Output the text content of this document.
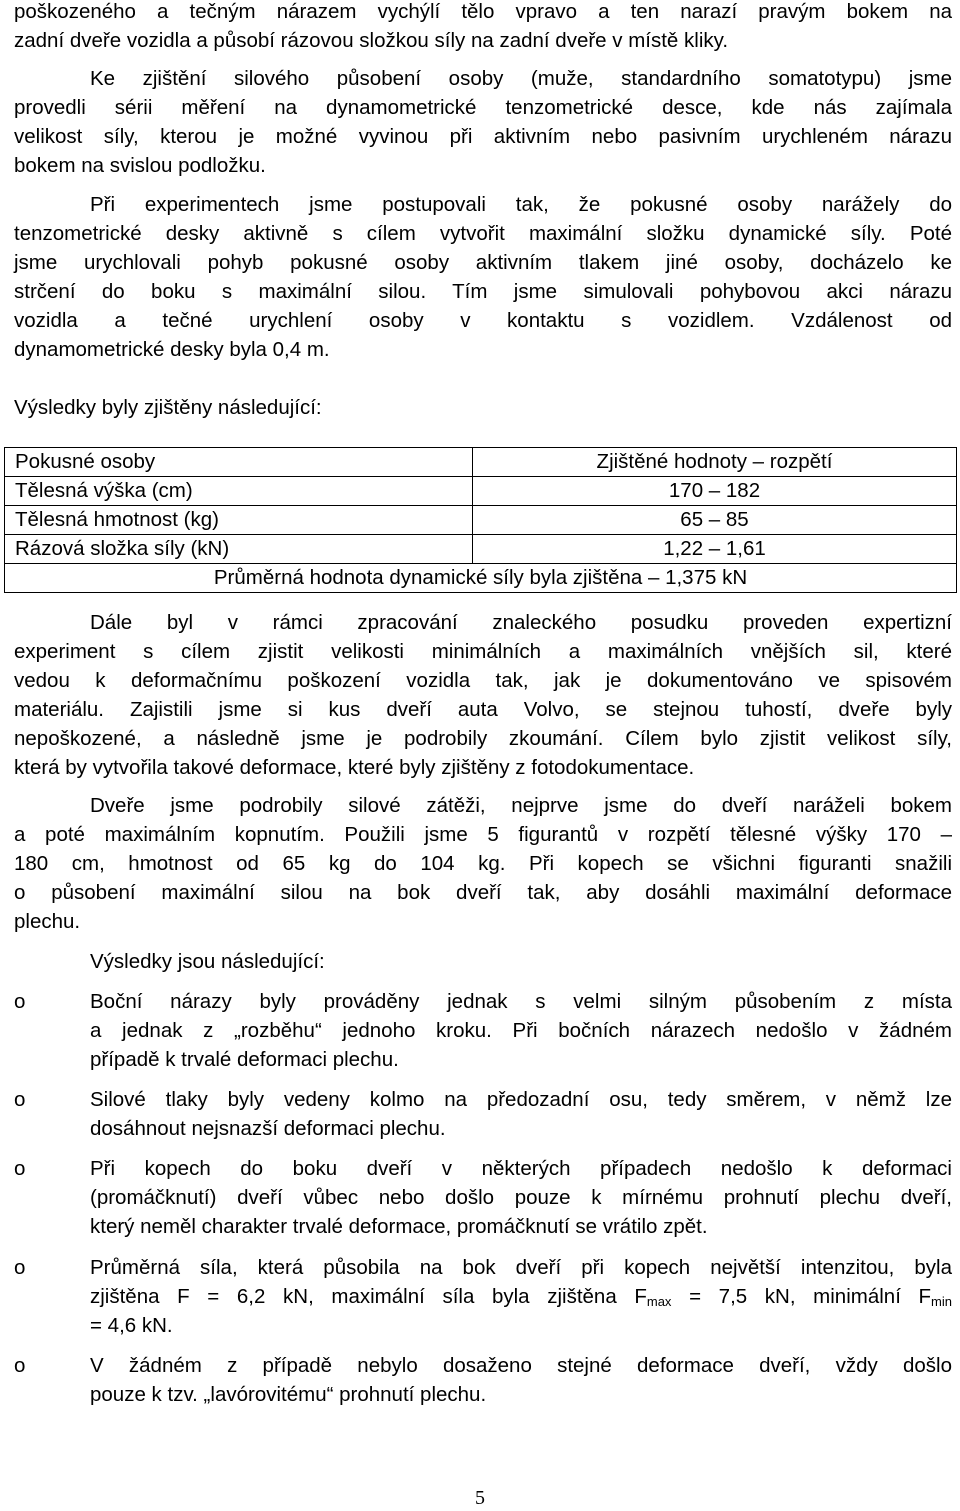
poškozeného a tečným nárazem vychýlí tělo vpravo a ten narazí pravým bokem na
zadní dveře vozidla a působí rázovou složkou síly na zadní dveře v místě kliky.
Ke zjištění silového působení osoby (muže, standardního somatotypu) jsme
provedli sérii měření na dynamometrické tenzometrické desce, kde nás zajímala
velikost síly, kterou je možné vyvinou při aktivním nebo pasivním urychleném nárazu
bokem na svislou podložku.
Při experimentech jsme postupovali tak, že pokusné osoby narážely do
tenzometrické desky aktivně s cílem vytvořit maximální složku dynamické síly. Poté
jsme urychlovali pohyb pokusné osoby aktivním tlakem jiné osoby, docházelo ke
strčení do boku s maximální silou. Tím jsme simulovali pohybovou akci nárazu
vozidla a tečné urychlení osoby v kontaktu s vozidlem. Vzdálenost od
dynamometrické desky byla 0,4 m.
Výsledky byly zjištěny následující:
Pokusné osoby	Zjištěné hodnoty – rozpětí
Tělesná výška (cm)	170 – 182
Tělesná hmotnost (kg)	65 – 85
Rázová složka síly (kN)	1,22 – 1,61
Průměrná hodnota dynamické síly byla zjištěna – 1,375 kN	
Dále byl v rámci zpracování znaleckého posudku proveden expertizní
experiment s cílem zjistit velikosti minimálních a maximálních vnějších sil, které
vedou k deformačnímu poškození vozidla tak, jak je dokumentováno ve spisovém
materiálu. Zajistili jsme si kus dveří auta Volvo, se stejnou tuhostí, dveře byly
nepoškozené, a následně jsme je podrobily zkoumání. Cílem bylo zjistit velikost síly,
která by vytvořila takové deformace, které byly zjištěny z fotodokumentace.
Dveře jsme podrobily silové zátěži, nejprve jsme do dveří naráželi bokem
a poté maximálním kopnutím. Použili jsme 5 figurantů v rozpětí tělesné výšky 170 –
180 cm, hmotnost od 65 kg do 104 kg. Při kopech se všichni figuranti snažili
o působení maximální silou na bok dveří tak, aby dosáhli maximální deformace
plechu.
Výsledky jsou následující:
o	Boční nárazy byly prováděny jednak s velmi silným působením z místa
a jednak z „rozběhu“ jednoho kroku. Při bočních nárazech nedošlo v žádném
případě k trvalé deformaci plechu.
o	Silové tlaky byly vedeny kolmo na předozadní osu, tedy směrem, v němž lze
dosáhnout nejsnazší deformaci plechu.
o	Při kopech do boku dveří v některých případech nedošlo k deformaci
(promáčknutí) dveří vůbec nebo došlo pouze k mírnému prohnutí plechu dveří,
který neměl charakter trvalé deformace, promáčknutí se vrátilo zpět.
o	Průměrná síla, která působila na bok dveří při kopech největší intenzitou, byla
zjištěna F = 6,2 kN, maximální síla byla zjištěna $F_{max} = 7,5$ kN, minimální $F_{min}$
= 4,6 kN.
o	V žádném z případě nebylo dosaženo stejné deformace dveří, vždy došlo
pouze k tzv. „lavórovitému“ prohnutí plechu.
5
